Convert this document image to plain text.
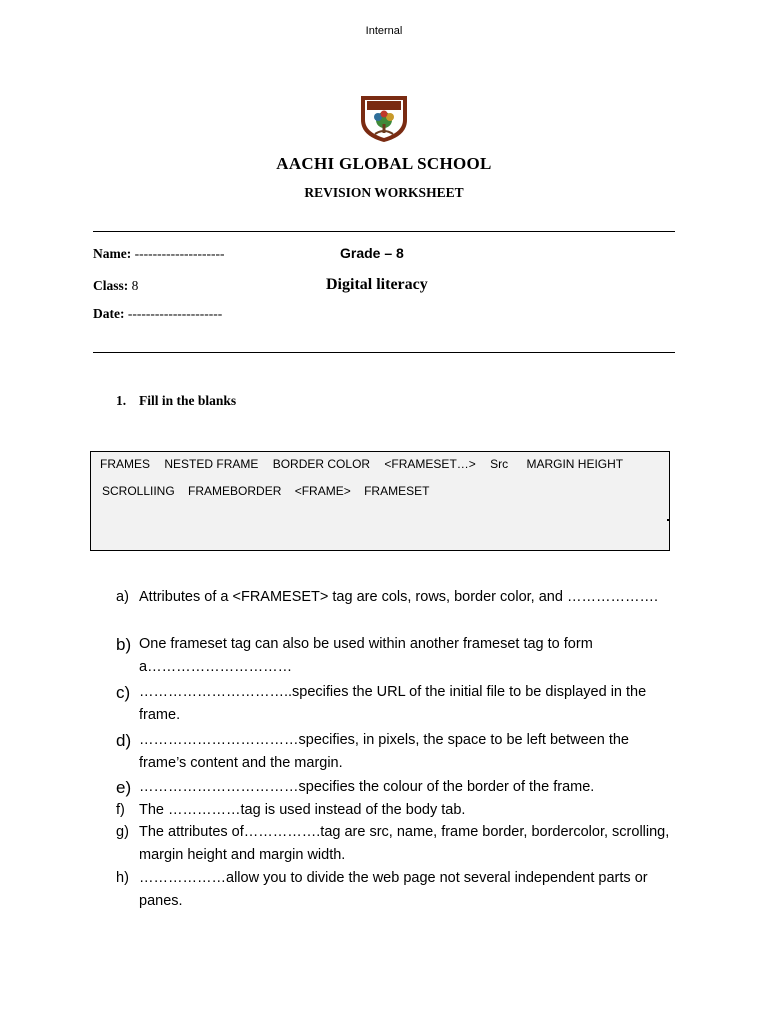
Internal
AACHI GLOBAL SCHOOL
REVISION WORKSHEET
Name: --------------------
Class: 8
Date: ---------------------
Grade – 8
Digital literacy
1. Fill in the blanks
FRAMES NESTED FRAME BORDER COLOR <FRAMESET…> Src MARGIN HEIGHT
SCROLLIING FRAMEBORDER <FRAME> FRAMESET
a) Attributes of a <FRAMESET> tag are cols, rows, border color, and ……………….
b) One frameset tag can also be used within another frameset tag to form a…………………………
c) …………………………..specifies the URL of the initial file to be displayed in the frame.
d) ……………………………specifies, in pixels, the space to be left between the frame’s content and the margin.
e) ……………………………specifies the colour of the border of the frame.
f) The ……………tag is used instead of the body tab.
g) The attributes of…………….tag are src, name, frame border, bordercolor, scrolling, margin height and margin width.
h) ………………allow you to divide the web page not several independent parts or panes.
